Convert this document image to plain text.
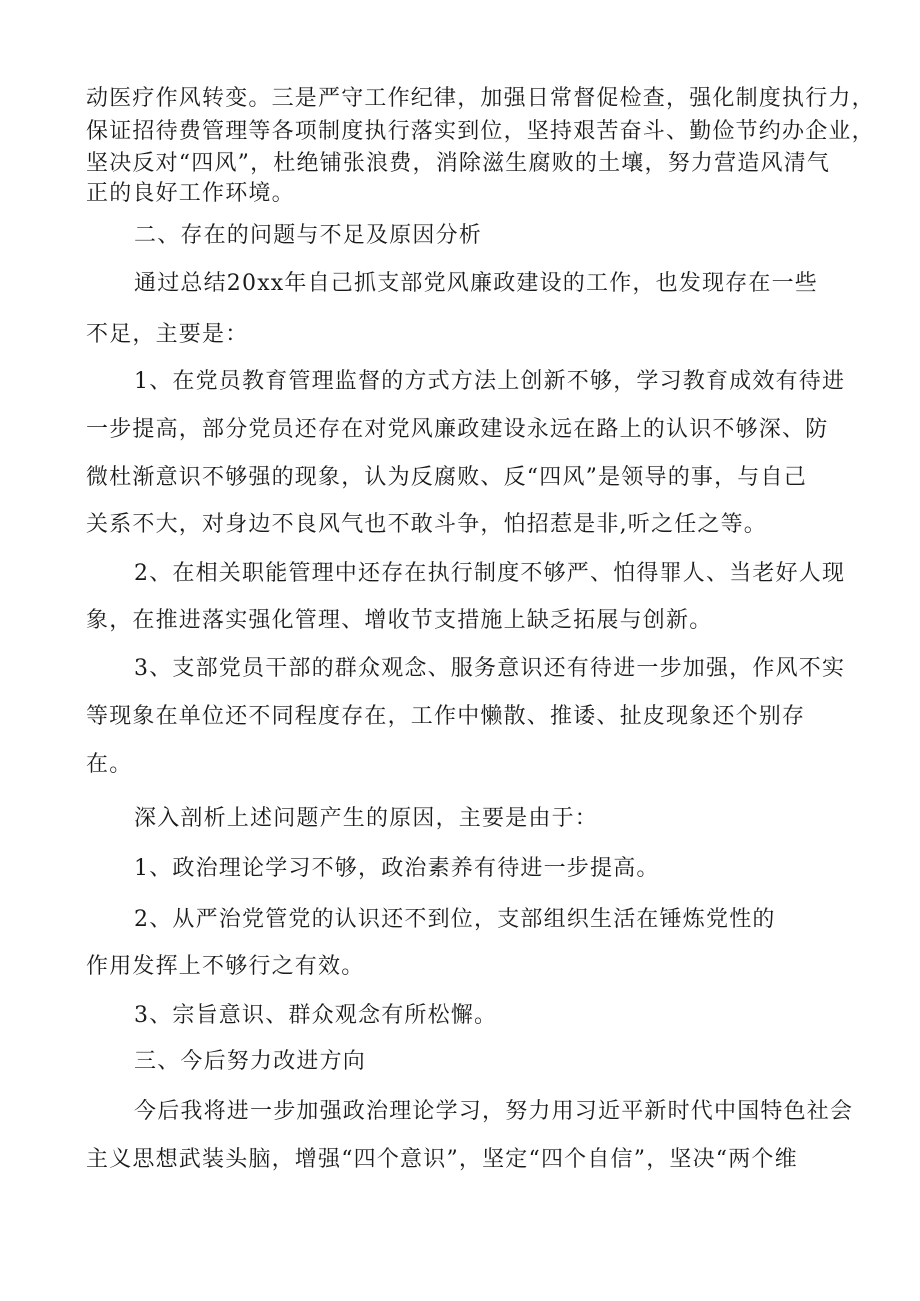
动医疗作风转变。三是严守工作纪律，加强日常督促检查，强化制度执行力，
保证招待费管理等各项制度执行落实到位，坚持艰苦奋斗、勤俭节约办企业，
坚决反对“四风”，杜绝铺张浪费，消除滋生腐败的土壤，努力营造风清气
正的良好工作环境。
二、存在的问题与不足及原因分析
通过总结20xx年自己抓支部党风廉政建设的工作，也发现存在一些
不足，主要是：
1、在党员教育管理监督的方式方法上创新不够，学习教育成效有待进
一步提高，部分党员还存在对党风廉政建设永远在路上的认识不够深、防
微杜渐意识不够强的现象，认为反腐败、反“四风”是领导的事，与自己
关系不大，对身边不良风气也不敢斗争，怕招惹是非,听之任之等。
2、在相关职能管理中还存在执行制度不够严、怕得罪人、当老好人现
象，在推进落实强化管理、增收节支措施上缺乏拓展与创新。
3、支部党员干部的群众观念、服务意识还有待进一步加强，作风不实
等现象在单位还不同程度存在，工作中懒散、推诿、扯皮现象还个别存
在。
深入剖析上述问题产生的原因，主要是由于：
1、政治理论学习不够，政治素养有待进一步提高。
2、从严治党管党的认识还不到位，支部组织生活在锤炼党性的
作用发挥上不够行之有效。
3、宗旨意识、群众观念有所松懈。
三、今后努力改进方向
今后我将进一步加强政治理论学习，努力用习近平新时代中国特色社会
主义思想武装头脑，增强“四个意识”，坚定“四个自信”，坚决“两个维
